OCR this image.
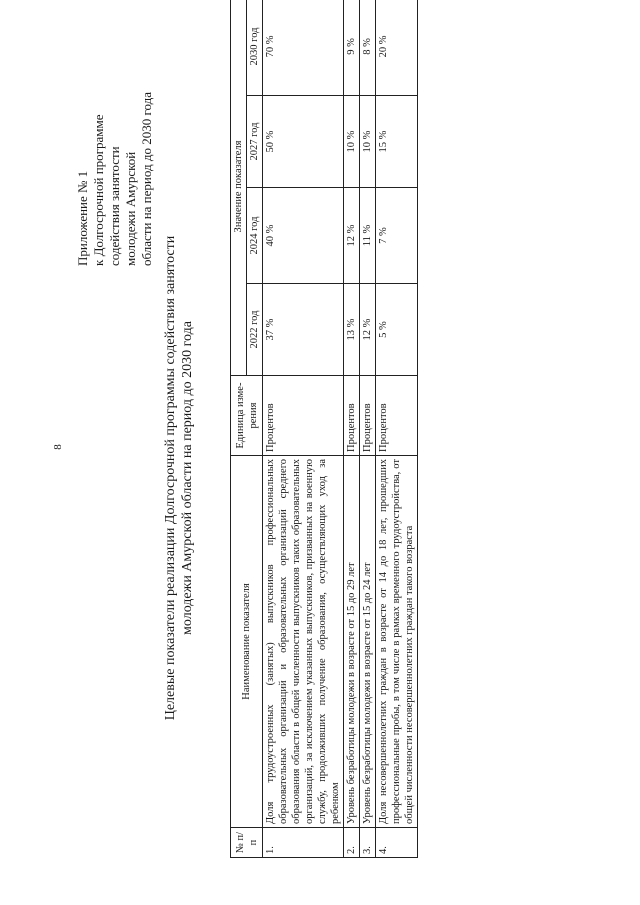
8
Приложение № 1 к Долгосрочной программе содействия занятости молодежи Амурской области на период до 2030 года
Целевые показатели реализации Долгосрочной программы содействия занятости молодежи Амурской области на период до 2030 года
№ п/п	Наименование показателя	Единица изме-рения	Значение показателя			
			2022 год	2024 год	2027 год	2030 год
1.	Доля трудоустроенных (занятых) выпускников профессиональных образовательных организаций и образовательных организаций среднего образования области в общей численности выпускников таких образовательных организаций, за исключением указанных выпускников, призванных на военную службу, продолживших получение образования, осуществляющих уход за ребенком	Процентов	37 %	40 %	50 %	70 %
2.	Уровень безработицы молодежи в возрасте от 15 до 29 лет	Процентов	13 %	12 %	10 %	9 %
3.	Уровень безработицы молодежи в возрасте от 15 до 24 лет	Процентов	12 %	11 %	10 %	8 %
4.	Доля несовершеннолетних граждан в возрасте от 14 до 18 лет, прошедших профессиональные пробы, в том числе в рамках временного трудоустройства, от общей численности несовершеннолетних граждан такого возраста	Процентов	5 %	7 %	15 %	20 %
